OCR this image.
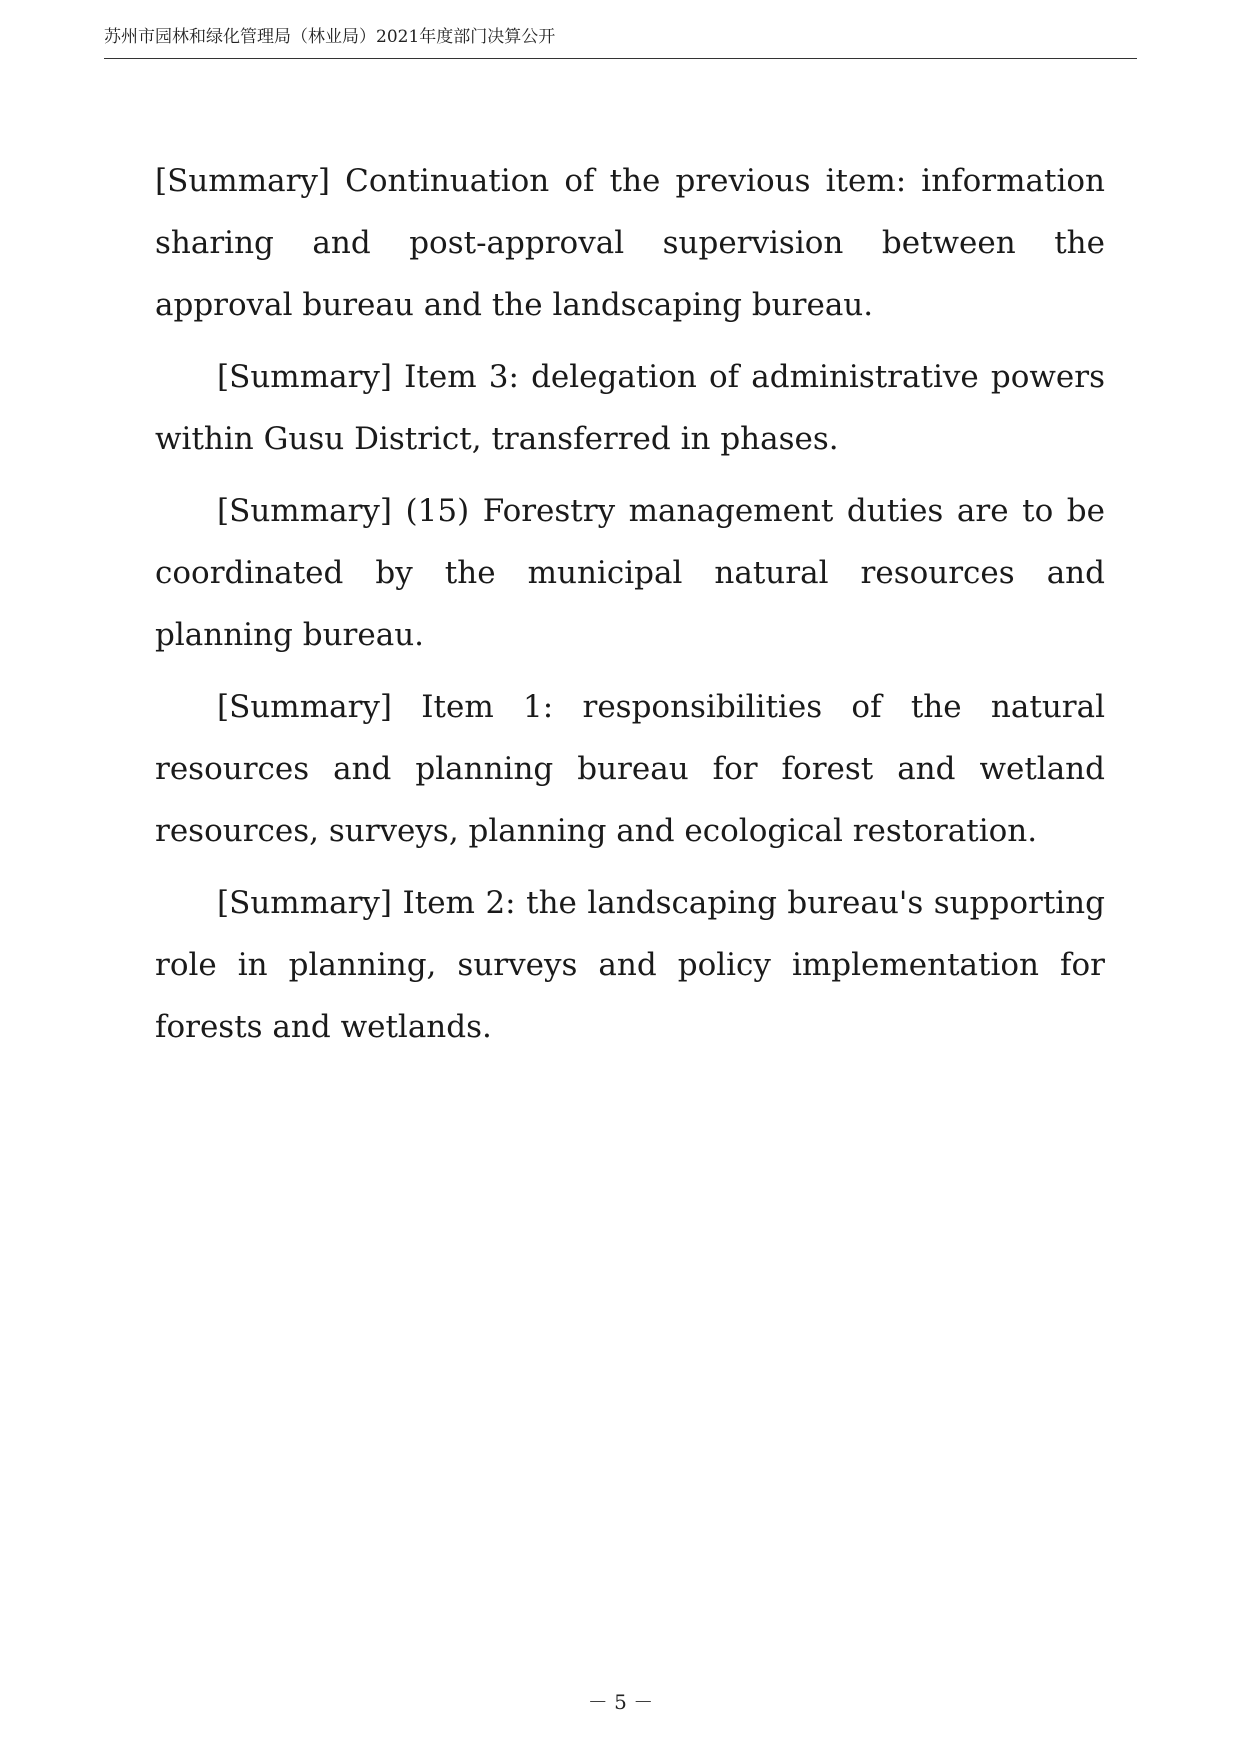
苏州市园林和绿化管理局（林业局）2021年度部门决算公开

[Summary] Continuation of the previous item: information sharing and post-approval supervision between the approval bureau and the landscaping bureau.

[Summary] Item 3: delegation of administrative powers within Gusu District, transferred in phases.

[Summary] (15) Forestry management duties are to be coordinated by the municipal natural resources and planning bureau.

[Summary] Item 1: responsibilities of the natural resources and planning bureau for forest and wetland resources, surveys, planning and ecological restoration.

[Summary] Item 2: the landscaping bureau's supporting role in planning, surveys and policy implementation for forests and wetlands.

－ 5 －
